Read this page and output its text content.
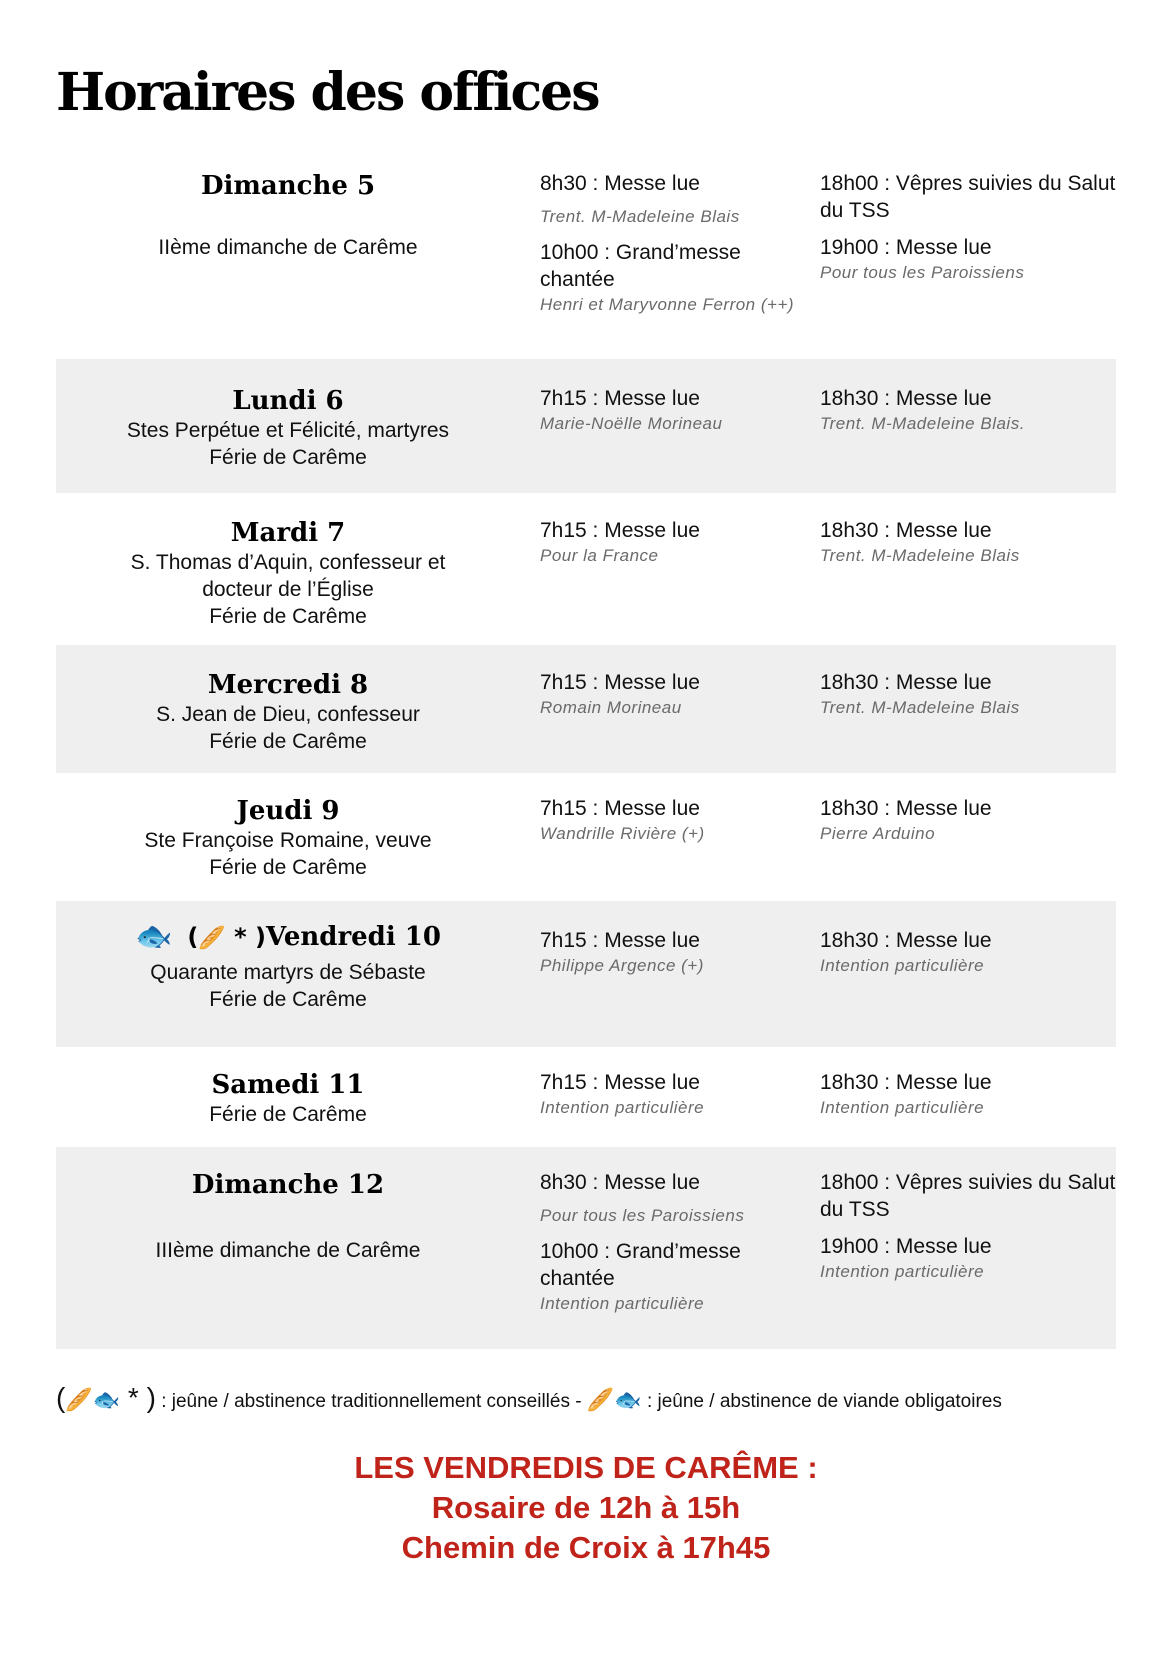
Horaires des offices
Dimanche 5
IIème dimanche de Carême
8h30 : Messe lue
Trent. M-Madeleine Blais
10h00 : Grand’messe chantée
Henri et Maryvonne Ferron (++)
18h00 : Vêpres suivies du Salut du TSS
19h00 : Messe lue
Pour tous les Paroissiens
Lundi 6
Stes Perpétue et Félicité, martyres
Férie de Carême
7h15 : Messe lue
Marie-Noëlle Morineau
18h30 : Messe lue
Trent. M-Madeleine Blais.
Mardi 7
S. Thomas d’Aquin, confesseur et docteur de l’Église
Férie de Carême
7h15 : Messe lue
Pour la France
18h30 : Messe lue
Trent. M-Madeleine Blais
Mercredi 8
S. Jean de Dieu, confesseur
Férie de Carême
7h15 : Messe lue
Romain Morineau
18h30 : Messe lue
Trent. M-Madeleine Blais
Jeudi 9
Ste Françoise Romaine, veuve
Férie de Carême
7h15 : Messe lue
Wandrille Rivière (+)
18h30 : Messe lue
Pierre Arduino
🐟 (🥖 * )Vendredi 10
Quarante martyrs de Sébaste
Férie de Carême
7h15 : Messe lue
Philippe Argence (+)
18h30 : Messe lue
Intention particulière
Samedi 11
Férie de Carême
7h15 : Messe lue
Intention particulière
18h30 : Messe lue
Intention particulière
Dimanche 12
IIIème dimanche de Carême
8h30 : Messe lue
Pour tous les Paroissiens
10h00 : Grand’messe chantée
Intention particulière
18h00 : Vêpres suivies du Salut du TSS
19h00 : Messe lue
Intention particulière
(🥖🐟 * ) : jeûne / abstinence traditionnellement conseillés - 🥖🐟 : jeûne / abstinence de viande obligatoires
LES VENDREDIS DE CARÊME :
Rosaire de 12h à 15h
Chemin de Croix à 17h45
